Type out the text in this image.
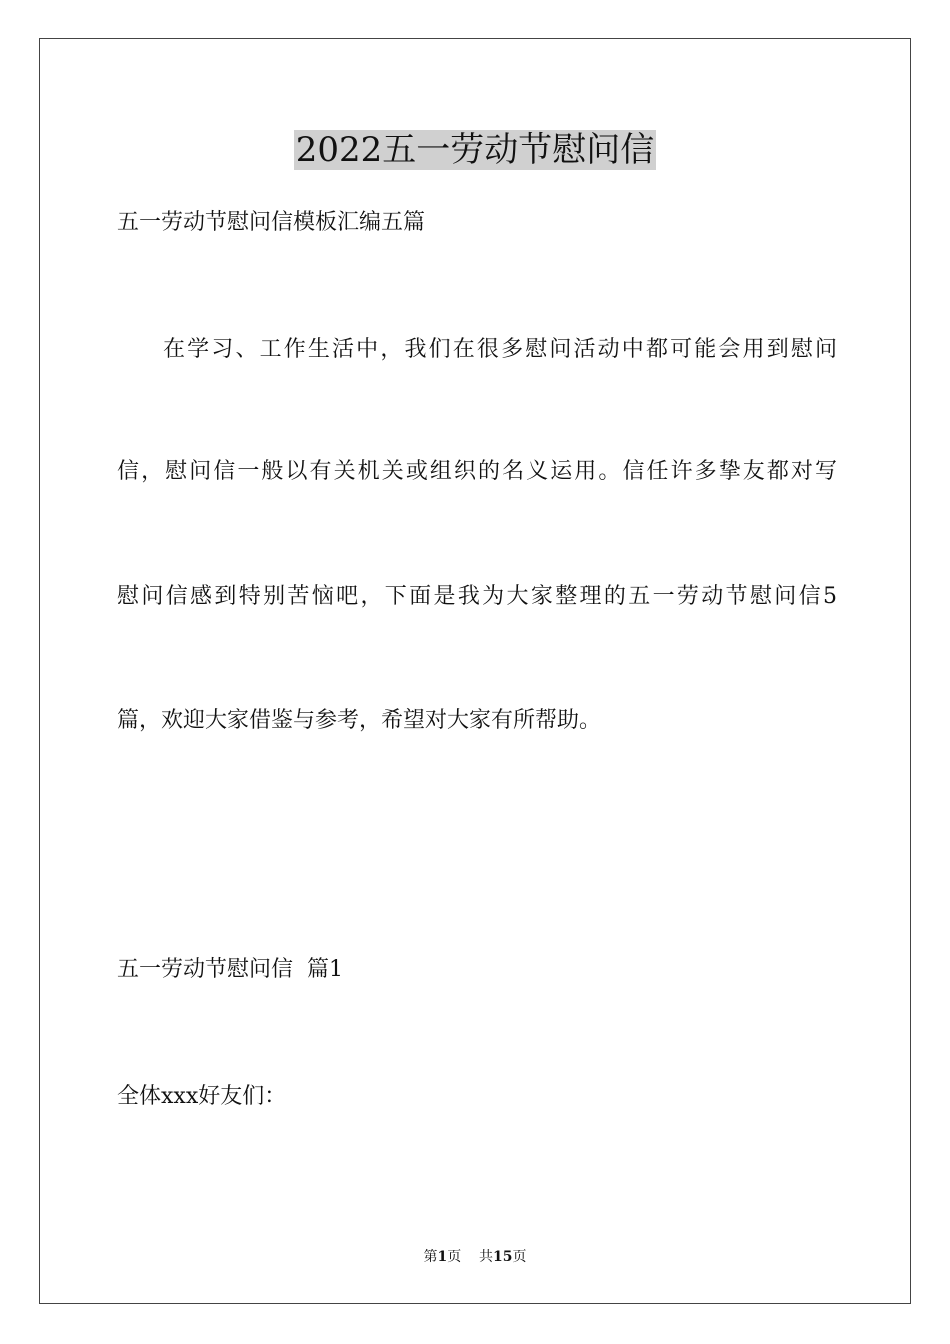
2022五一劳动节慰问信

五一劳动节慰问信模板汇编五篇

在学习、工作生活中，我们在很多慰问活动中都可能会用到慰问

信，慰问信一般以有关机关或组织的名义运用。信任许多挚友都对写

慰问信感到特别苦恼吧，下面是我为大家整理的五一劳动节慰问信5

篇，欢迎大家借鉴与参考，希望对大家有所帮助。

五一劳动节慰问信  篇1

全体xxx好友们：

第1页    共15页
